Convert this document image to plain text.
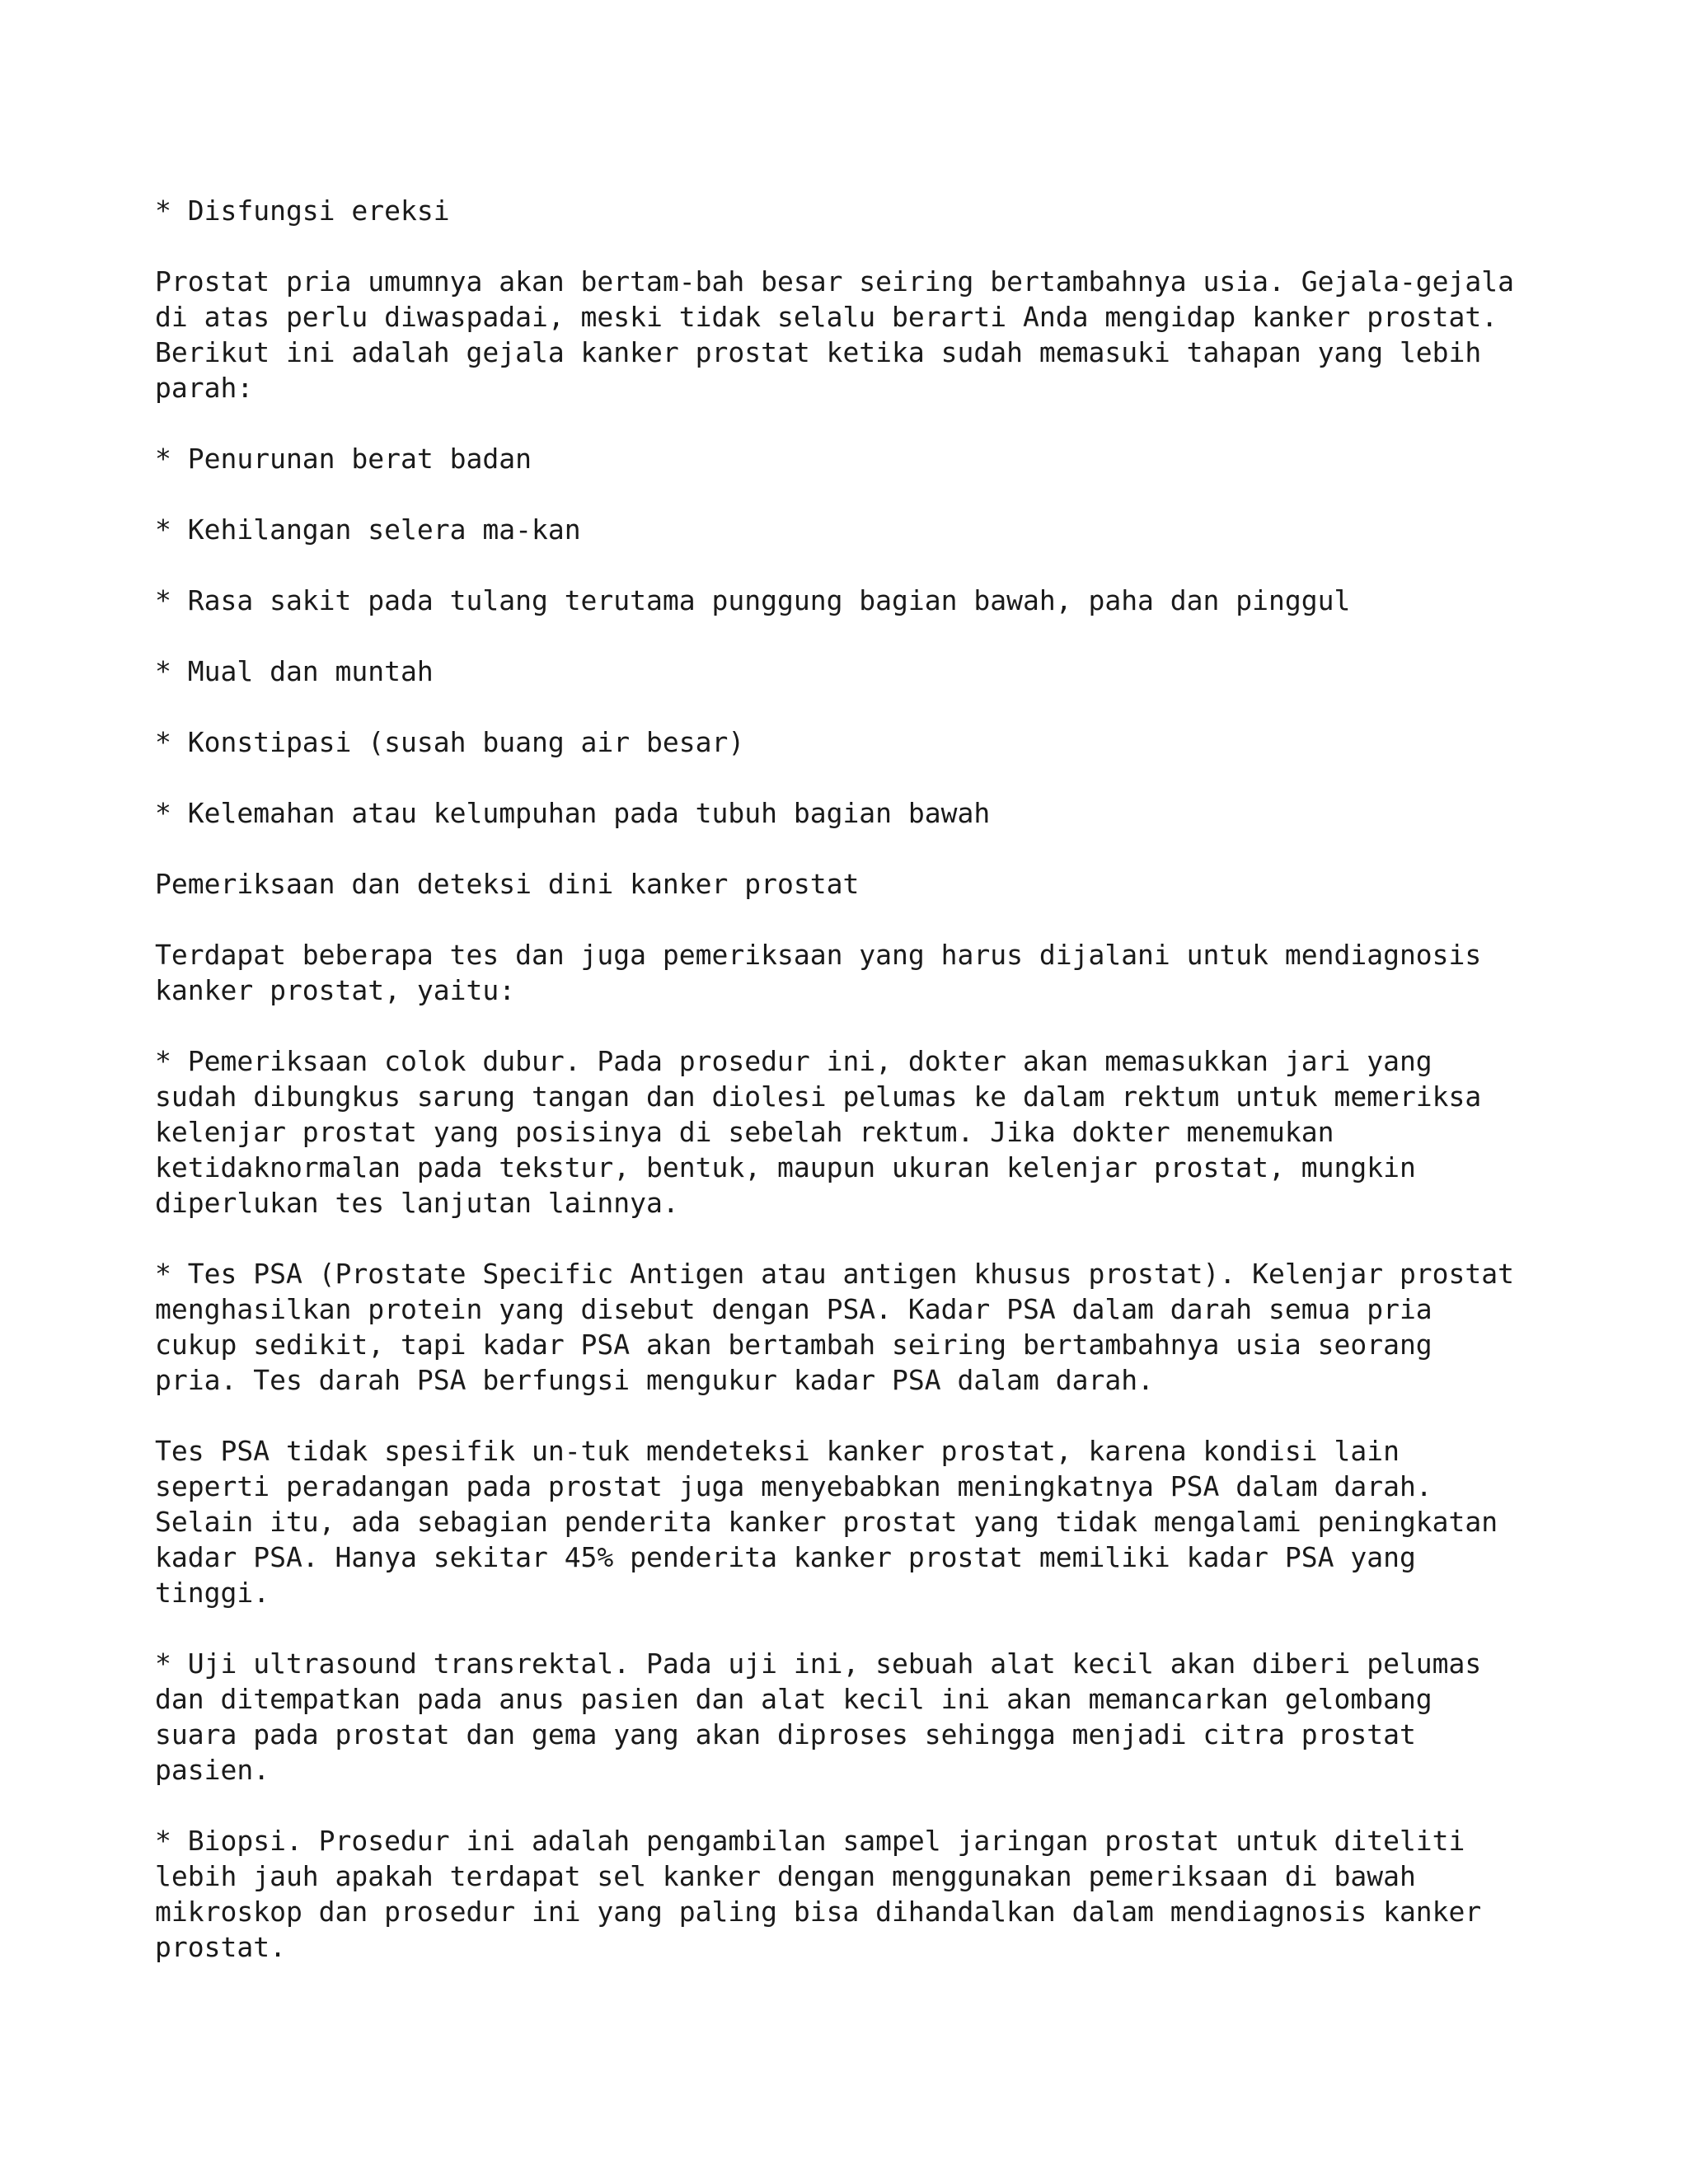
* Disfungsi ereksi
Prostat pria umumnya akan bertam-bah besar seiring bertambahnya usia. Gejala-gejala
di atas perlu diwaspadai, meski tidak selalu berarti Anda mengidap kanker prostat.
Berikut ini adalah gejala kanker prostat ketika sudah memasuki tahapan yang lebih
parah:
* Penurunan berat badan
* Kehilangan selera ma-kan
* Rasa sakit pada tulang terutama punggung bagian bawah, paha dan pinggul
* Mual dan muntah
* Konstipasi (susah buang air besar)
* Kelemahan atau kelumpuhan pada tubuh bagian bawah
Pemeriksaan dan deteksi dini kanker prostat
Terdapat beberapa tes dan juga pemeriksaan yang harus dijalani untuk mendiagnosis
kanker prostat, yaitu:
* Pemeriksaan colok dubur. Pada prosedur ini, dokter akan memasukkan jari yang
sudah dibungkus sarung tangan dan diolesi pelumas ke dalam rektum untuk memeriksa
kelenjar prostat yang posisinya di sebelah rektum. Jika dokter menemukan
ketidaknormalan pada tekstur, bentuk, maupun ukuran kelenjar prostat, mungkin
diperlukan tes lanjutan lainnya.
* Tes PSA (Prostate Specific Antigen atau antigen khusus prostat). Kelenjar prostat
menghasilkan protein yang disebut dengan PSA. Kadar PSA dalam darah semua pria
cukup sedikit, tapi kadar PSA akan bertambah seiring bertambahnya usia seorang
pria. Tes darah PSA berfungsi mengukur kadar PSA dalam darah.
Tes PSA tidak spesifik un-tuk mendeteksi kanker prostat, karena kondisi lain
seperti peradangan pada prostat juga menyebabkan meningkatnya PSA dalam darah.
Selain itu, ada sebagian penderita kanker prostat yang tidak mengalami peningkatan
kadar PSA. Hanya sekitar 45% penderita kanker prostat memiliki kadar PSA yang
tinggi.
* Uji ultrasound transrektal. Pada uji ini, sebuah alat kecil akan diberi pelumas
dan ditempatkan pada anus pasien dan alat kecil ini akan memancarkan gelombang
suara pada prostat dan gema yang akan diproses sehingga menjadi citra prostat
pasien.
* Biopsi. Prosedur ini adalah pengambilan sampel jaringan prostat untuk diteliti
lebih jauh apakah terdapat sel kanker dengan menggunakan pemeriksaan di bawah
mikroskop dan prosedur ini yang paling bisa dihandalkan dalam mendiagnosis kanker
prostat.
